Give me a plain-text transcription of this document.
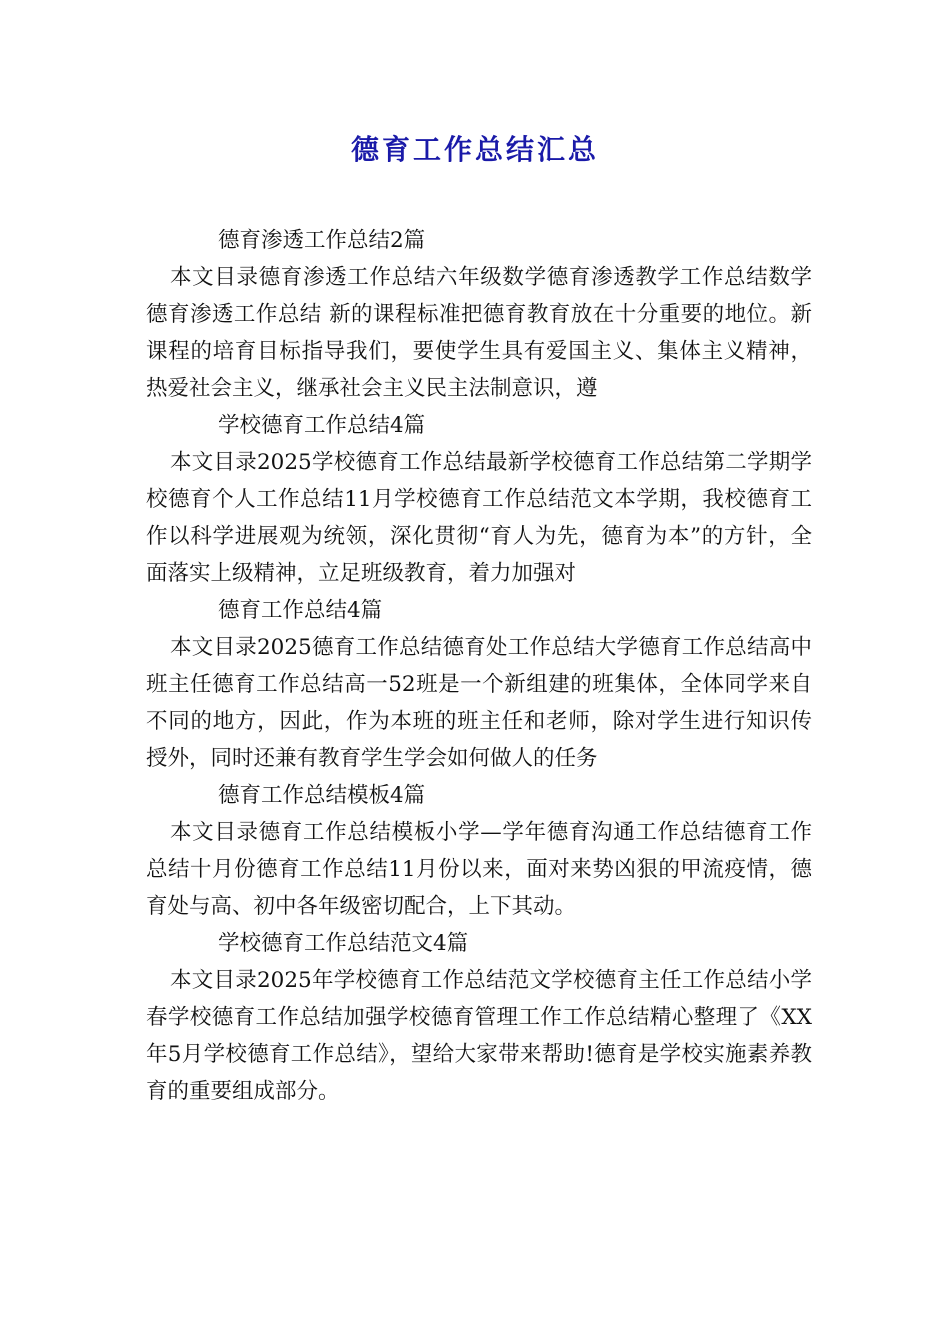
德育工作总结汇总
德育渗透工作总结2篇
本文目录德育渗透工作总结六年级数学德育渗透教学工作总结数学德育渗透工作总结 新的课程标准把德育教育放在十分重要的地位。新课程的培育目标指导我们，要使学生具有爱国主义、集体主义精神，热爱社会主义，继承社会主义民主法制意识，遵
学校德育工作总结4篇
本文目录2025学校德育工作总结最新学校德育工作总结第二学期学校德育个人工作总结11月学校德育工作总结范文本学期，我校德育工作以科学进展观为统领，深化贯彻“育人为先，德育为本”的方针，全面落实上级精神，立足班级教育，着力加强对
德育工作总结4篇
本文目录2025德育工作总结德育处工作总结大学德育工作总结高中班主任德育工作总结高一52班是一个新组建的班集体，全体同学来自不同的地方，因此，作为本班的班主任和老师，除对学生进行知识传授外，同时还兼有教育学生学会如何做人的任务
德育工作总结模板4篇
本文目录德育工作总结模板小学—学年德育沟通工作总结德育工作总结十月份德育工作总结11月份以来，面对来势凶狠的甲流疫情，德育处与高、初中各年级密切配合，上下其动。
学校德育工作总结范文4篇
本文目录2025年学校德育工作总结范文学校德育主任工作总结小学春学校德育工作总结加强学校德育管理工作工作总结精心整理了《XX年5月学校德育工作总结》，望给大家带来帮助!德育是学校实施素养教育的重要组成部分。
